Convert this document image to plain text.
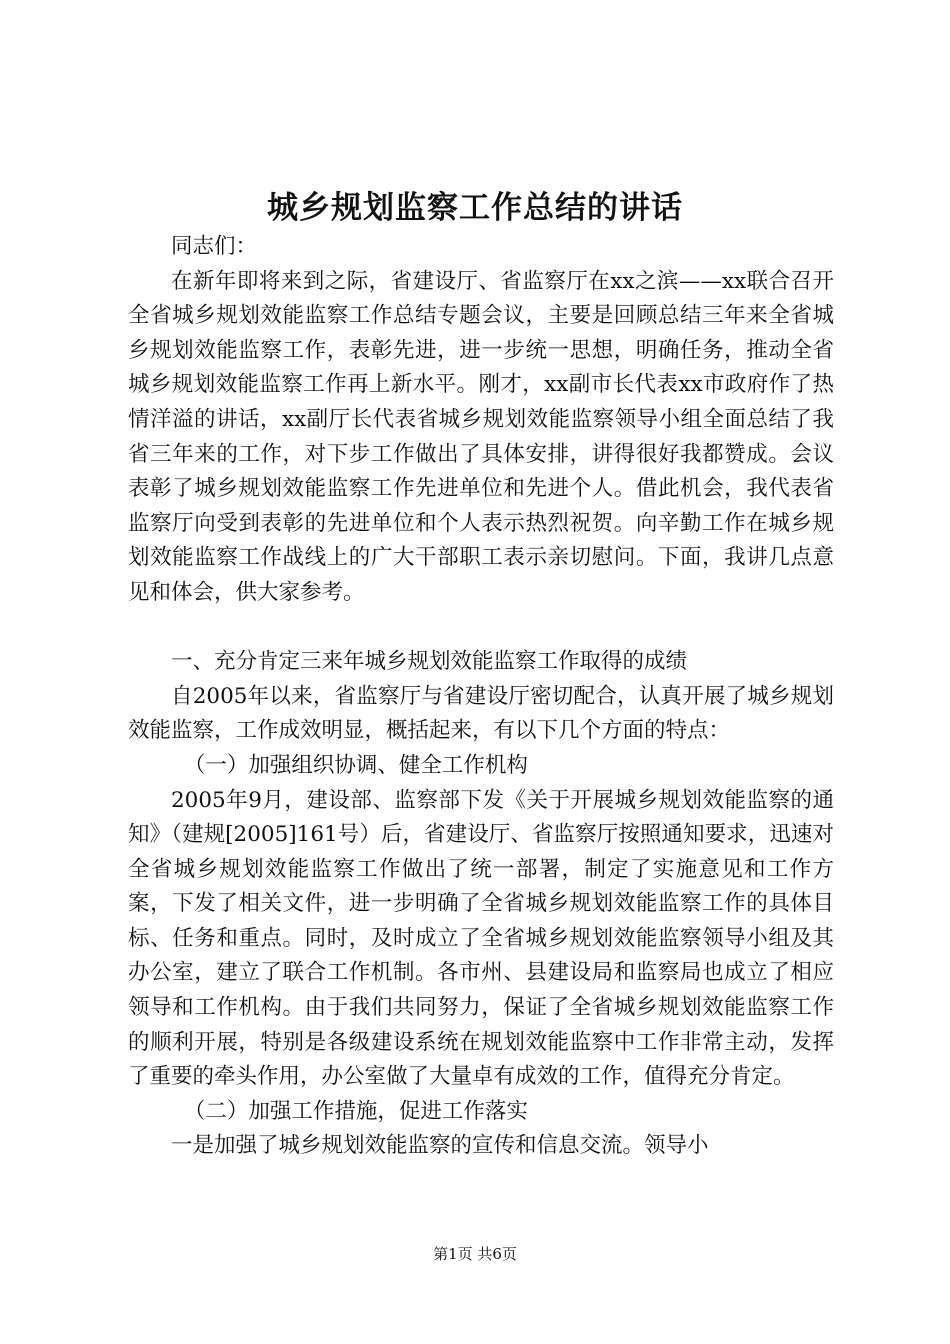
城乡规划监察工作总结的讲话

同志们：

在新年即将来到之际，省建设厅、省监察厅在xx之滨——xx联合召开全省城乡规划效能监察工作总结专题会议，主要是回顾总结三年来全省城乡规划效能监察工作，表彰先进，进一步统一思想，明确任务，推动全省城乡规划效能监察工作再上新水平。刚才，xx副市长代表xx市政府作了热情洋溢的讲话，xx副厅长代表省城乡规划效能监察领导小组全面总结了我省三年来的工作，对下步工作做出了具体安排，讲得很好我都赞成。会议表彰了城乡规划效能监察工作先进单位和先进个人。借此机会，我代表省监察厅向受到表彰的先进单位和个人表示热烈祝贺。向辛勤工作在城乡规划效能监察工作战线上的广大干部职工表示亲切慰问。下面，我讲几点意见和体会，供大家参考。

一、充分肯定三来年城乡规划效能监察工作取得的成绩

自2005年以来，省监察厅与省建设厅密切配合，认真开展了城乡规划效能监察，工作成效明显，概括起来，有以下几个方面的特点：

（一）加强组织协调、健全工作机构

2005年9月，建设部、监察部下发《关于开展城乡规划效能监察的通知》（建规[2005]161号）后，省建设厅、省监察厅按照通知要求，迅速对全省城乡规划效能监察工作做出了统一部署，制定了实施意见和工作方案，下发了相关文件，进一步明确了全省城乡规划效能监察工作的具体目标、任务和重点。同时，及时成立了全省城乡规划效能监察领导小组及其办公室，建立了联合工作机制。各市州、县建设局和监察局也成立了相应领导和工作机构。由于我们共同努力，保证了全省城乡规划效能监察工作的顺利开展，特别是各级建设系统在规划效能监察中工作非常主动，发挥了重要的牵头作用，办公室做了大量卓有成效的工作，值得充分肯定。

（二）加强工作措施，促进工作落实

一是加强了城乡规划效能监察的宣传和信息交流。领导小

第1页 共6页
